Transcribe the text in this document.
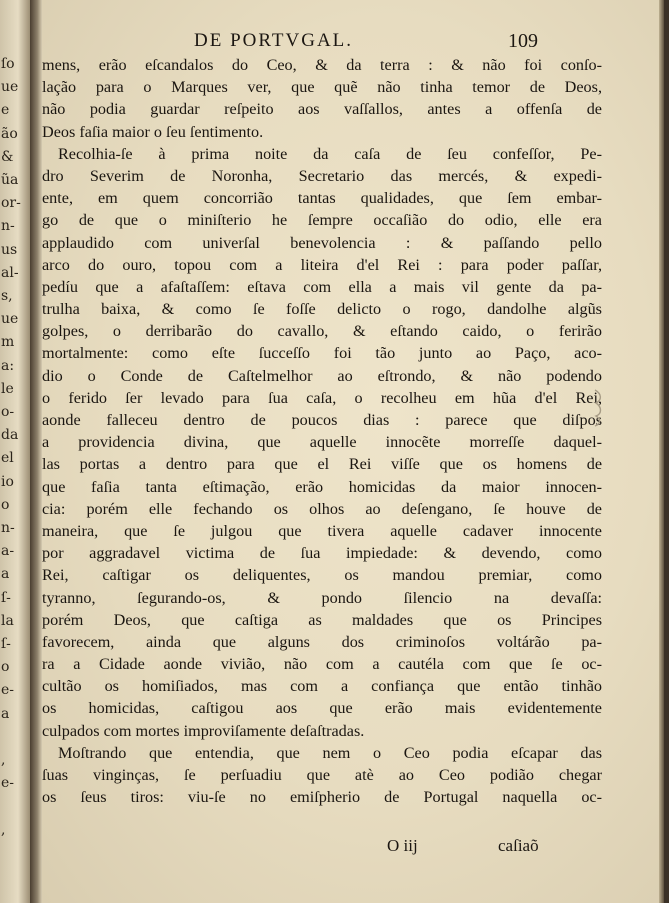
ſo
ue
e
ão
&
ũa
or-
n-
us
al-
s,
ue
m
a:
le
o-
da
el
io
o
n-
a-
a
ſ-
la
ſ-
o
e-
a
,
e-
,
DE PORTVGAL.	109
mens, erão eſcandalos do Ceo, & da terra : & não foi conſo-
lação para o Marques ver, que quẽ não tinha temor de Deos,
não podia guardar reſpeito aos vaſſallos, antes a offenſa de
Deos faſia maior o ſeu ſentimento.
Recolhia-ſe à prima noite da caſa de ſeu confeſſor, Pe-
dro Severim de Noronha, Secretario das mercés, & expedi-
ente, em quem concorrião tantas qualidades, que ſem embar-
go de que o miniſterio he ſempre occaſião do odio, elle era
applaudido com univerſal benevolencia : & paſſando pello
arco do ouro, topou com a liteira d'el Rei : para poder paſſar,
pedíu que a afaſtaſſem: eſtava com ella a mais vil gente da pa-
trulha baixa, & como ſe foſſe delicto o rogo, dandolhe algũs
golpes, o derribarão do cavallo, & eſtando caido, o ferirão
mortalmente: como eſte ſucceſſo foi tão junto ao Paço, aco-
dio o Conde de Caſtelmelhor ao eſtrondo, & não podendo
o ferido ſer levado para ſua caſa, o recolheu em hũa d'el Rei,
aonde falleceu dentro de poucos dias : parece que diſpos
a providencia divina, que aquelle innocẽte morreſſe daquel-
las portas a dentro para que el Rei viſſe que os homens de
que faſia tanta eſtimação, erão homicidas da maior innocen-
cia: porém elle fechando os olhos ao deſengano, ſe houve de
maneira, que ſe julgou que tivera aquelle cadaver innocente
por aggradavel victima de ſua impiedade: & devendo, como
Rei, caſtigar os deliquentes, os mandou premiar, como
tyranno, ſegurando-os, & pondo ſilencio na devaſſa:
porém Deos, que caſtiga as maldades que os Principes
favorecem, ainda que alguns dos criminoſos voltárão pa-
ra a Cidade aonde vivião, não com a cautéla com que ſe oc-
cultão os homiſiados, mas com a confiança que então tinhão
os homicidas, caſtigou aos que erão mais evidentemente
culpados com mortes improviſamente deſaſtradas.
Moſtrando que entendia, que nem o Ceo podia eſcapar das
ſuas vinginças, ſe perſuadiu que atè ao Ceo podião chegar
os ſeus tiros: viu-ſe no emiſpherio de Portugal naquella oc-
O iij	caſiaõ
